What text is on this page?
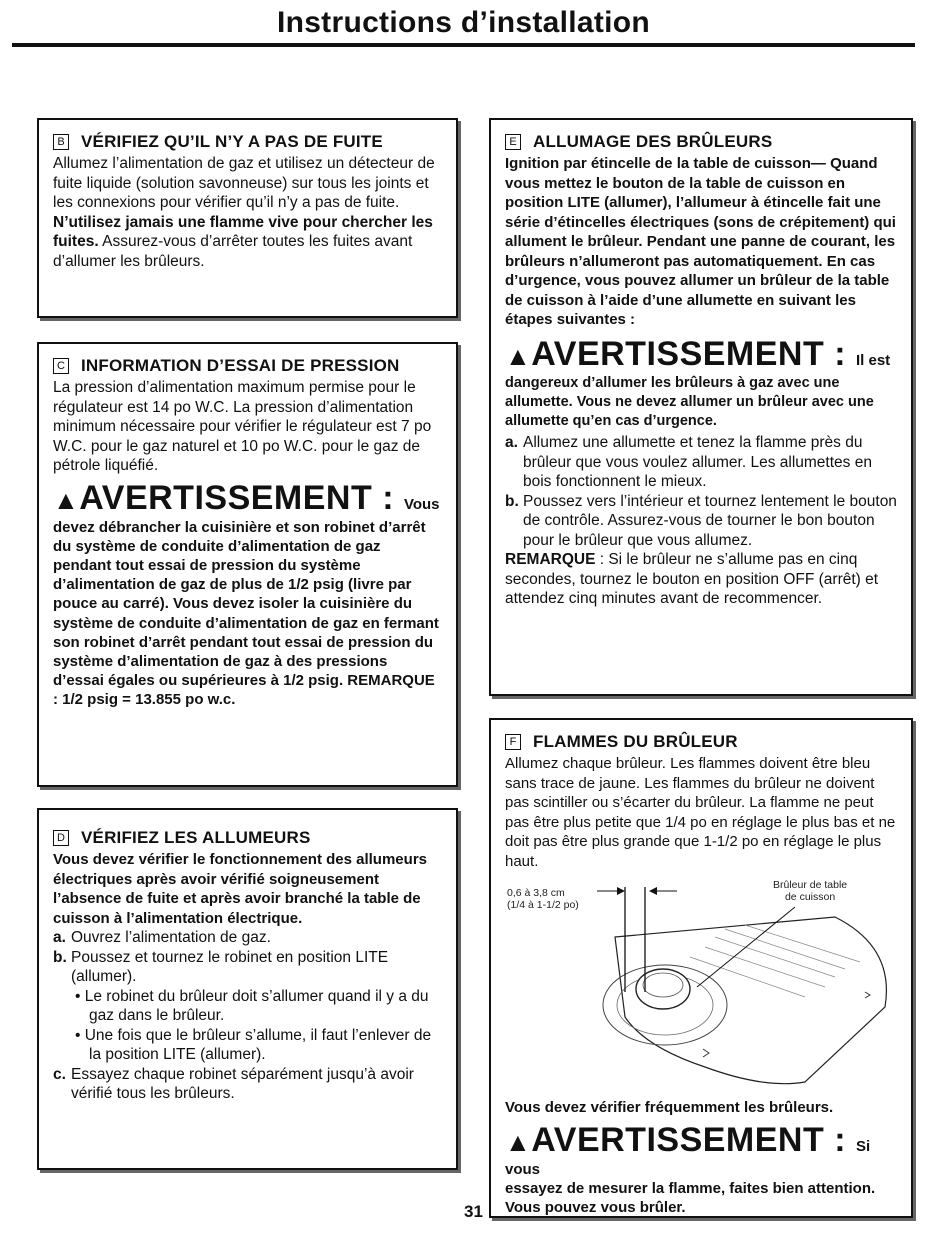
Instructions d’installation
B VÉRIFIEZ QU’IL N’Y A PAS DE FUITE

Allumez l’alimentation de gaz et utilisez un détecteur de fuite liquide (solution savonneuse) sur tous les joints et les connexions pour vérifier qu’il n’y a pas de fuite. N’utilisez jamais une flamme vive pour chercher les fuites. Assurez-vous d’arrêter toutes les fuites avant d’allumer les brûleurs.

C INFORMATION D’ESSAI DE PRESSION

La pression d’alimentation maximum permise pour le régulateur est 14 po W.C. La pression d’alimentation minimum nécessaire pour vérifier le régulateur est 7 po W.C. pour le gaz naturel et 10 po W.C. pour le gaz de pétrole liquéfié.

▲AVERTISSEMENT : Vous
devez débrancher la cuisinière et son robinet d’arrêt du système de conduite d’alimentation de gaz pendant tout essai de pression du système d’alimentation de gaz de plus de 1/2 psig (livre par pouce au carré). Vous devez isoler la cuisinière du système de conduite d’alimentation de gaz en fermant son robinet d’arrêt pendant tout essai de pression du système d’alimentation de gaz à des pressions d’essai égales ou supérieures à 1/2 psig. REMARQUE : 1/2 psig = 13.855 po w.c.
D VÉRIFIEZ LES ALLUMEURS

Vous devez vérifier le fonctionnement des allumeurs électriques après avoir vérifié soigneusement l’absence de fuite et après avoir branché la table de cuisson à l’alimentation électrique.

a. Ouvrez l’alimentation de gaz.
b. Poussez et tournez le robinet en position LITE (allumer).
• Le robinet du brûleur doit s’allumer quand il y a du gaz dans le brûleur.
• Une fois que le brûleur s’allume, il faut l’enlever de la position LITE (allumer).
c. Essayez chaque robinet séparément jusqu’à avoir vérifié tous les brûleurs.
E ALLUMAGE DES BRÛLEURS

Ignition par étincelle de la table de cuisson— Quand vous mettez le bouton de la table de cuisson en position LITE (allumer), l’allumeur à étincelle fait une série d’étincelles électriques (sons de crépitement) qui allument le brûleur. Pendant une panne de courant, les brûleurs n’allumeront pas automatiquement. En cas d’urgence, vous pouvez allumer un brûleur de la table de cuisson à l’aide d’une allumette en suivant les étapes suivantes :

▲AVERTISSEMENT : Il est
dangereux d’allumer les brûleurs à gaz avec une allumette. Vous ne devez allumer un brûleur avec une allumette qu’en cas d’urgence.
a. Allumez une allumette et tenez la flamme près du brûleur que vous voulez allumer. Les allumettes en bois fonctionnent le mieux.
b. Poussez vers l’intérieur et tournez lentement le bouton de contrôle. Assurez-vous de tourner le bon bouton pour le brûleur que vous allumez.

REMARQUE : Si le brûleur ne s’allume pas en cinq secondes, tournez le bouton en position OFF (arrêt) et attendez cinq minutes avant de recommencer.

F FLAMMES DU BRÛLEUR

Allumez chaque brûleur. Les flammes doivent être bleu sans trace de jaune. Les flammes du brûleur ne doivent pas scintiller ou s’écarter du brûleur. La flamme ne peut pas être plus petite que 1/4 po en réglage le plus bas et ne doit pas être plus grande que 1-1/2 po en réglage le plus haut.

0,6 à 3,8 cm
(1/4 à 1-1/2 po)
Brûleur de table
de cuisson

Vous devez vérifier fréquemment les brûleurs.

▲AVERTISSEMENT : Si vous
essayez de mesurer la flamme, faites bien attention. Vous pouvez vous brûler.
31
